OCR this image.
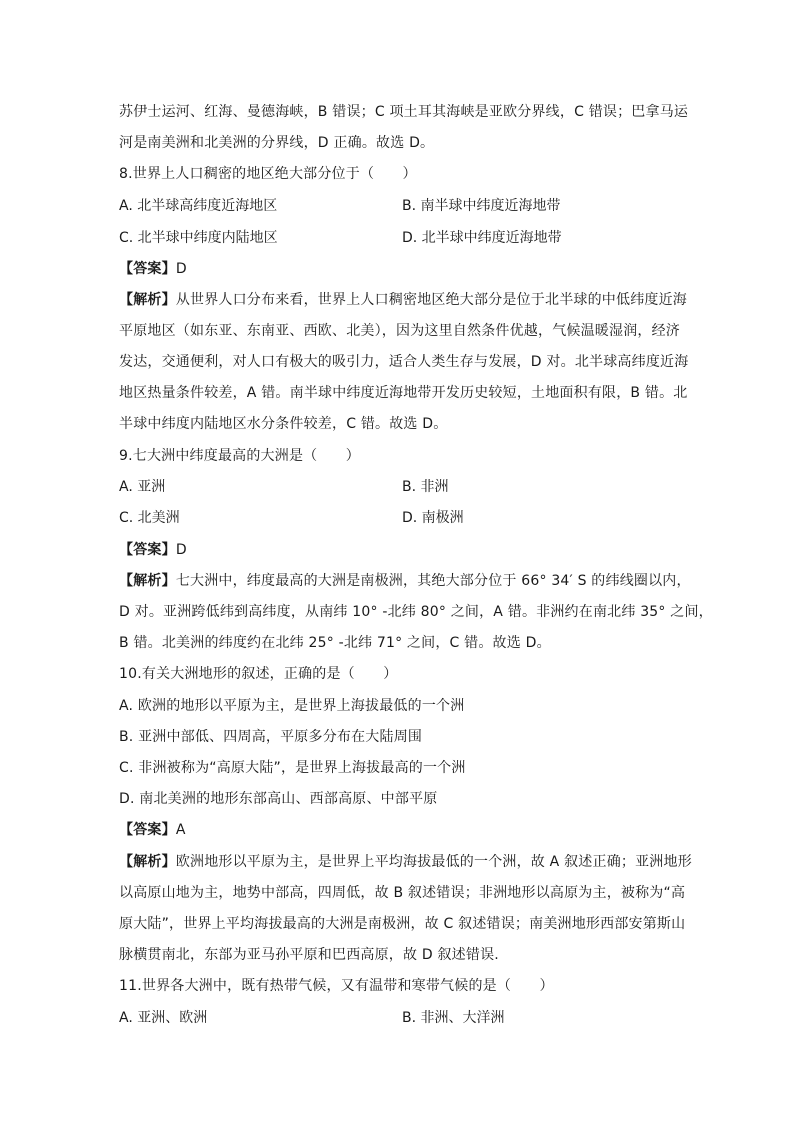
苏伊士运河、红海、曼德海峡，B 错误；C 项土耳其海峡是亚欧分界线，C 错误；巴拿马运
河是南美洲和北美洲的分界线，D 正确。故选 D。
8.世界上人口稠密的地区绝大部分位于（　　）
A. 北半球高纬度近海地区	B. 南半球中纬度近海地带
C. 北半球中纬度内陆地区	D. 北半球中纬度近海地带
【答案】D
【解析】从世界人口分布来看，世界上人口稠密地区绝大部分是位于北半球的中低纬度近海
平原地区（如东亚、东南亚、西欧、北美），因为这里自然条件优越，气候温暖湿润，经济
发达，交通便利，对人口有极大的吸引力，适合人类生存与发展，D 对。北半球高纬度近海
地区热量条件较差，A 错。南半球中纬度近海地带开发历史较短，土地面积有限，B 错。北
半球中纬度内陆地区水分条件较差，C 错。故选 D。
9.七大洲中纬度最高的大洲是（　　）
A. 亚洲	B. 非洲
C. 北美洲	D. 南极洲
【答案】D
【解析】七大洲中，纬度最高的大洲是南极洲，其绝大部分位于 66° 34′ S 的纬线圈以内，
D 对。亚洲跨低纬到高纬度，从南纬 10° -北纬 80° 之间，A 错。非洲约在南北纬 35° 之间，
B 错。北美洲的纬度约在北纬 25° -北纬 71° 之间，C 错。故选 D。
10.有关大洲地形的叙述，正确的是（　　）
A. 欧洲的地形以平原为主，是世界上海拔最低的一个洲
B. 亚洲中部低、四周高，平原多分布在大陆周围
C. 非洲被称为“高原大陆”，是世界上海拔最高的一个洲
D. 南北美洲的地形东部高山、西部高原、中部平原
【答案】A
【解析】欧洲地形以平原为主，是世界上平均海拔最低的一个洲，故 A 叙述正确；亚洲地形
以高原山地为主，地势中部高，四周低，故 B 叙述错误；非洲地形以高原为主，被称为“高
原大陆”，世界上平均海拔最高的大洲是南极洲，故 C 叙述错误；南美洲地形西部安第斯山
脉横贯南北，东部为亚马孙平原和巴西高原，故 D 叙述错误.
11.世界各大洲中，既有热带气候，又有温带和寒带气候的是（　　）
A. 亚洲、欧洲	B. 非洲、大洋洲
